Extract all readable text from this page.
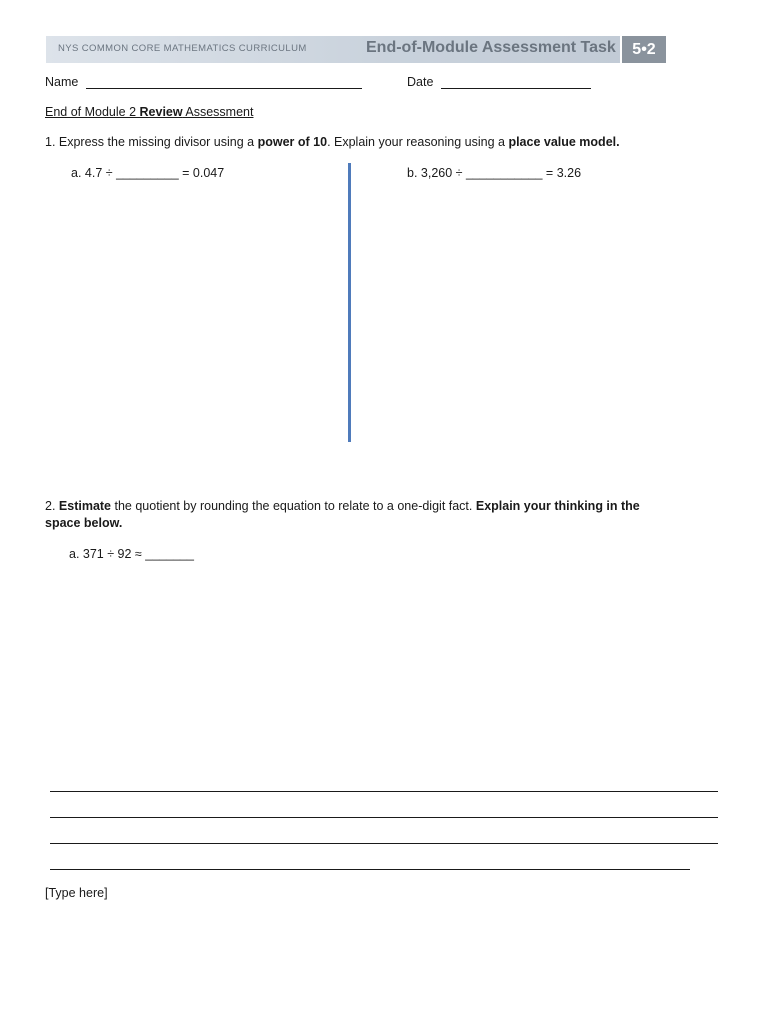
NYS COMMON CORE MATHEMATICS CURRICULUM	End-of-Module Assessment Task	5•2
Name	Date
End of Module 2 Review Assessment
1. Express the missing divisor using a power of 10. Explain your reasoning using a place value model.
a. 4.7 ÷ _________ = 0.047	b. 3,260 ÷ ___________ = 3.26
2. Estimate the quotient by rounding the equation to relate to a one-digit fact. Explain your thinking in the
space below.
a. 371 ÷ 92 ≈ _______
[Type here]
